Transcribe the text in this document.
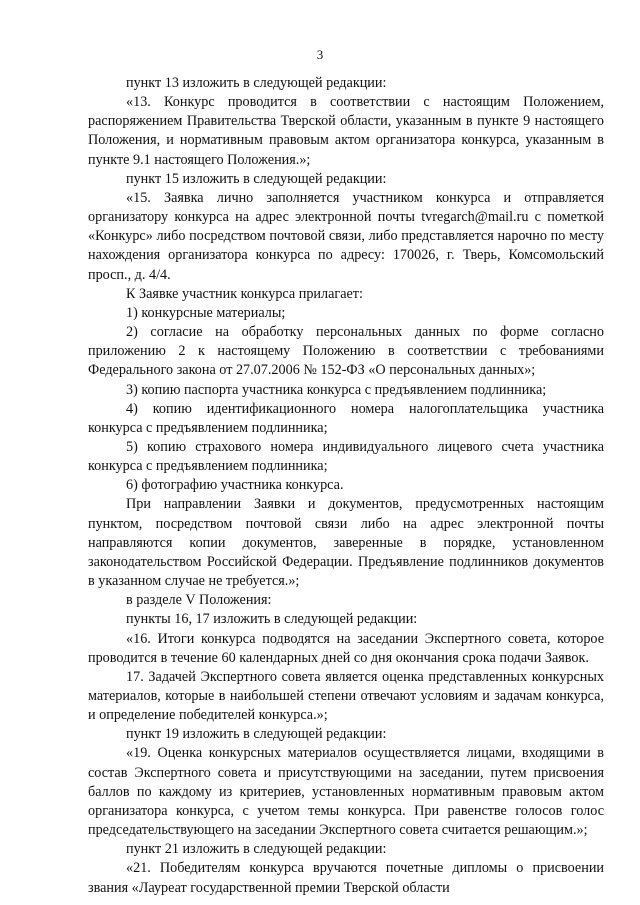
3

пункт 13 изложить в следующей редакции:

«13. Конкурс проводится в соответствии с настоящим Положением, распоряжением Правительства Тверской области, указанным в пункте 9 настоящего Положения, и нормативным правовым актом организатора конкурса, указанным в пункте 9.1 настоящего Положения.»;

пункт 15 изложить в следующей редакции:

«15. Заявка лично заполняется участником конкурса и отправляется организатору конкурса на адрес электронной почты tvregarch@mail.ru с пометкой «Конкурс» либо посредством почтовой связи, либо представляется нарочно по месту нахождения организатора конкурса по адресу: 170026, г. Тверь, Комсомольский просп., д. 4/4.

К Заявке участник конкурса прилагает:

1) конкурсные материалы;

2) согласие на обработку персональных данных по форме согласно приложению 2 к настоящему Положению в соответствии с требованиями Федерального закона от 27.07.2006 № 152-ФЗ «О персональных данных»;

3) копию паспорта участника конкурса с предъявлением подлинника;

4) копию идентификационного номера налогоплательщика участника конкурса с предъявлением подлинника;

5) копию страхового номера индивидуального лицевого счета участника конкурса с предъявлением подлинника;

6) фотографию участника конкурса.

При направлении Заявки и документов, предусмотренных настоящим пунктом, посредством почтовой связи либо на адрес электронной почты направляются копии документов, заверенные в порядке, установленном законодательством Российской Федерации. Предъявление подлинников документов в указанном случае не требуется.»;

в разделе V Положения:

пункты 16, 17 изложить в следующей редакции:

«16. Итоги конкурса подводятся на заседании Экспертного совета, которое проводится в течение 60 календарных дней со дня окончания срока подачи Заявок.

17. Задачей Экспертного совета является оценка представленных конкурсных материалов, которые в наибольшей степени отвечают условиям и задачам конкурса, и определение победителей конкурса.»;

пункт 19 изложить в следующей редакции:

«19. Оценка конкурсных материалов осуществляется лицами, входящими в состав Экспертного совета и присутствующими на заседании, путем присвоения баллов по каждому из критериев, установленных нормативным правовым актом организатора конкурса, с учетом темы конкурса. При равенстве голосов голос председательствующего на заседании Экспертного совета считается решающим.»;

пункт 21 изложить в следующей редакции:

«21. Победителям конкурса вручаются почетные дипломы о присвоении звания «Лауреат государственной премии Тверской области
